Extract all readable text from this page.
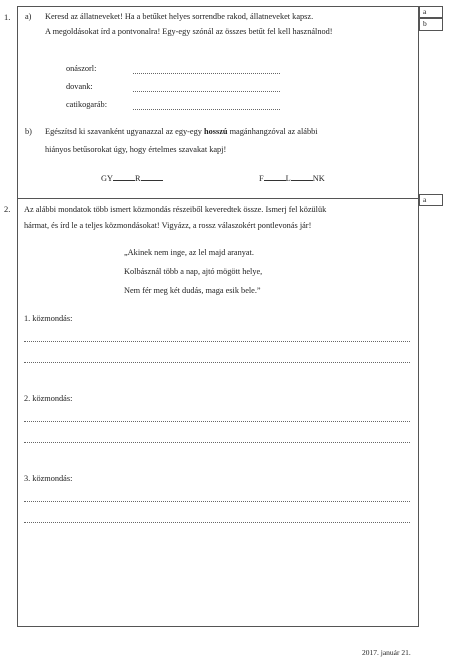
1. a) Keresd az állatneveket! Ha a betűket helyes sorrendbe rakod, állatneveket kapsz.
A megoldásokat írd a pontvonalra! Egy-egy szónál az összes betűt fel kell használnod!
onászorl:
dovank:
catikogaráb:
b) Egészítsd ki szavanként ugyanazzal az egy-egy hosszú magánhangzóval az alábbi
hiányos betűsorokat úgy, hogy értelmes szavakat kapj!
GY	R	F	L	NK
a
b
2. Az alábbi mondatok több ismert közmondás részeiből keveredtek össze. Ismerj fel közülük
hármat, és írd le a teljes közmondásokat! Vigyázz, a rossz válaszokért pontlevonás jár!
a
„Akinek nem inge, az lel majd aranyat.
Kolbásznál több a nap, ajtó mögött helye,
Nem fér meg két dudás, maga esik bele.”
1. közmondás:
2. közmondás:
3. közmondás:
2017. január 21.
